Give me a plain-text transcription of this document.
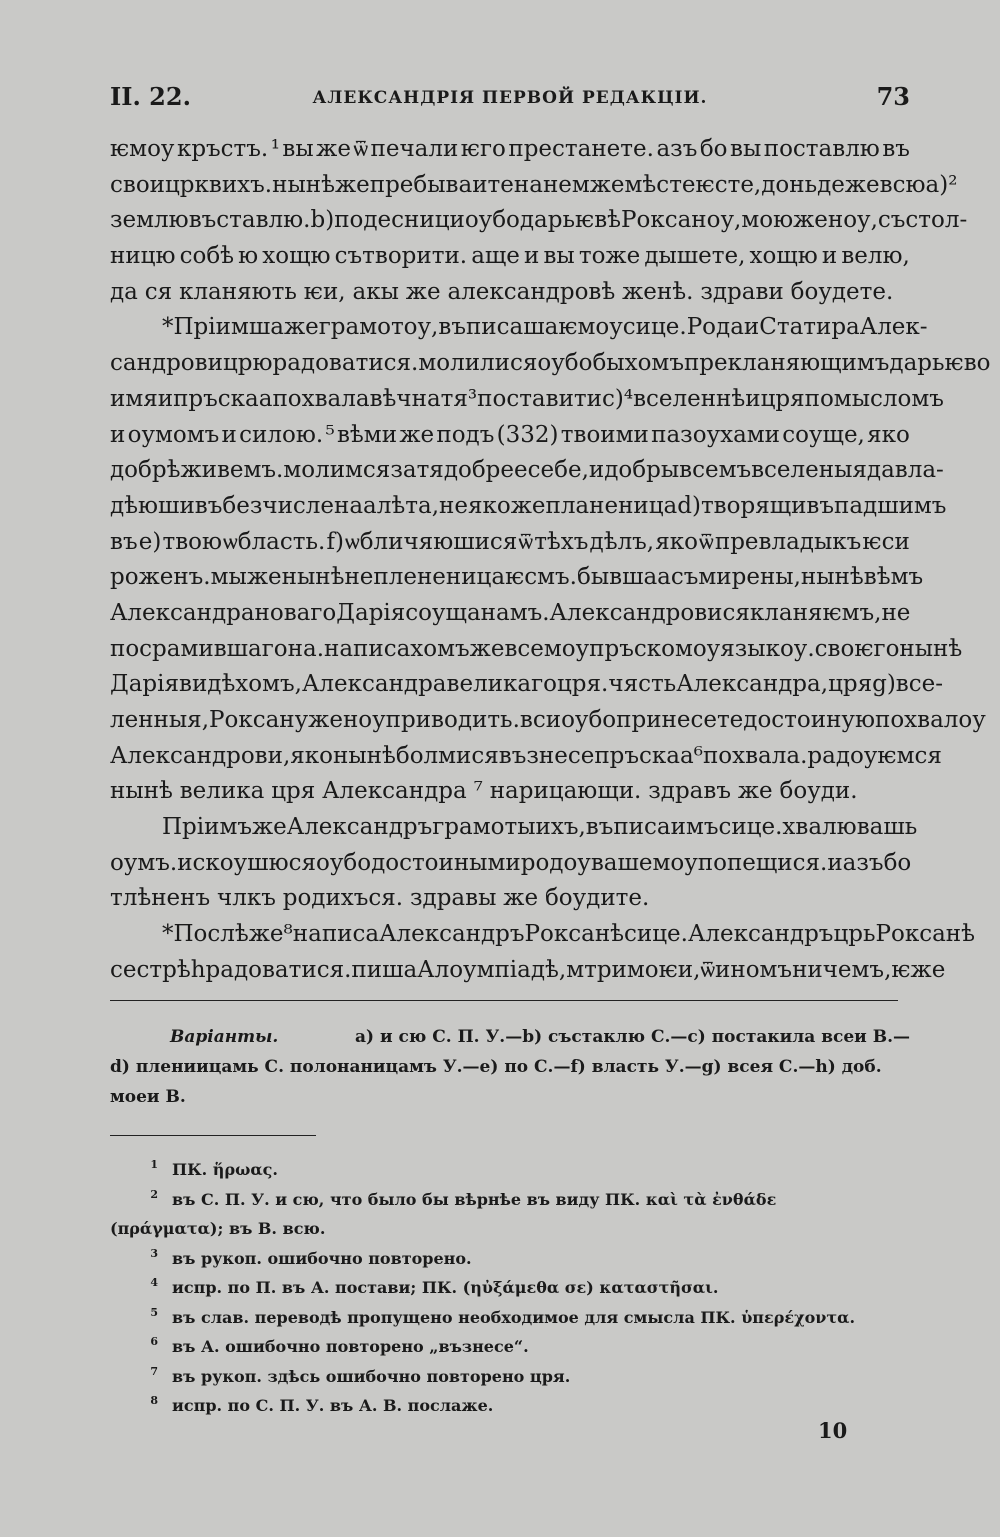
II. 22.	АЛЕКСАНДРІЯ ПЕРВОЙ РЕДАКЦІИ.	73
ѥмоу кръстъ. ¹ вы же ѿ печали ѥго престанете. азъ бо вы поставлю въ
свои црквихъ. нынѣ же пребываите на немже мѣсте ѥсте, доньдеже всю а) ²
землю въставлю. b) по десници оубо дарьѥвѣ Роксаноу, мою женоу, състол-
ницю собѣ ю хощю сътворити. аще и вы тоже дышете, хощю и велю,
да ся кланяють ѥи, акы же александровѣ женѣ. здрави боудете.
*Пріимша же грамотоу, въписаша ѥмоу сице. Рода и Статира Алек-
сандрови црю радоватися. молилися оубо быхомъ прекланяющимъ дарьѥво
имя и пръскаа похвала вѣчна тя ³ поставити c) ⁴ вселеннѣи цря помысломъ
и оумомъ и силою. ⁵ вѣми же подъ (332) твоими пазоухами соуще, яко
добрѣ живемъ. молимся за тя добрее себе, и добры всемъ вселеныя да вла-
дѣюши въ безчисленаа лѣта, не якоже планеница d) творящи въпадшимъ
въ e) твою ѡбласть. f) ѡбличяюшися ѿ тѣхъ дѣлъ, яко ѿ превладыкъ ѥси
роженъ. мы же нынѣ не плененица ѥсмъ. бывшаа съмирены, нынѣ вѣмъ
Александра новаго Дарія соуща намъ. Александрови ся кланяѥмъ, не
посрамившаго на. написахомъ же всемоу пръскомоу языкоу. своѥго нынѣ
Дарія видѣхомъ, Александра великаго цря. чясть Александра, цря g) все-
ленныя, Роксану женоу приводить. вси оубо принесете достоиную похвалоу
Александрови, яко нынѣ болми ся възнесе пръскаа ⁶ похвала. радоуѥмся
нынѣ велика цря Александра ⁷ нарицающи. здравъ же боуди.
Пріимъ же Александръ грамоты ихъ, въписа имъ сице. хвалю вашь
оумъ. искоушюся оубо достоиными родоу вашемоу попещися. и азъ бо
тлѣненъ члкъ родихъся. здравы же боудите.
*Послѣже ⁸ написа Александръ Роксанѣ сице. Александръ црь Роксанѣ
сестрѣ h радоватися. пиша Алоумпіадѣ, мтри моѥи, ѿ иномъ ничемъ, ѥже
Варіанты.	а) и сю С. П. У.—b) състаклю С.—c) постакила всеи В.—
d) плениицамь С. полонаницамъ У.—e) по С.—f) власть У.—g) всея С.—h) доб.
моеи В.
1 ПК. ἥρωας.
2 въ С. П. У. и сю, что было бы вѣрнѣе въ виду ПК. καὶ τὰ ἐνθάδε
(πράγματα); въ В. всю.
3 въ рукоп. ошибочно повторено.
4 испр. по П. въ А. постави; ПК. (ηὐξάμεθα σε) καταστῆσαι.
5 въ слав. переводѣ пропущено необходимое для смысла ПК. ὑπερέχοντα.
6 въ А. ошибочно повторено „възнесе“.
7 въ рукоп. здѣсь ошибочно повторено цря.
8 испр. по С. П. У. въ А. В. послаже.
10
